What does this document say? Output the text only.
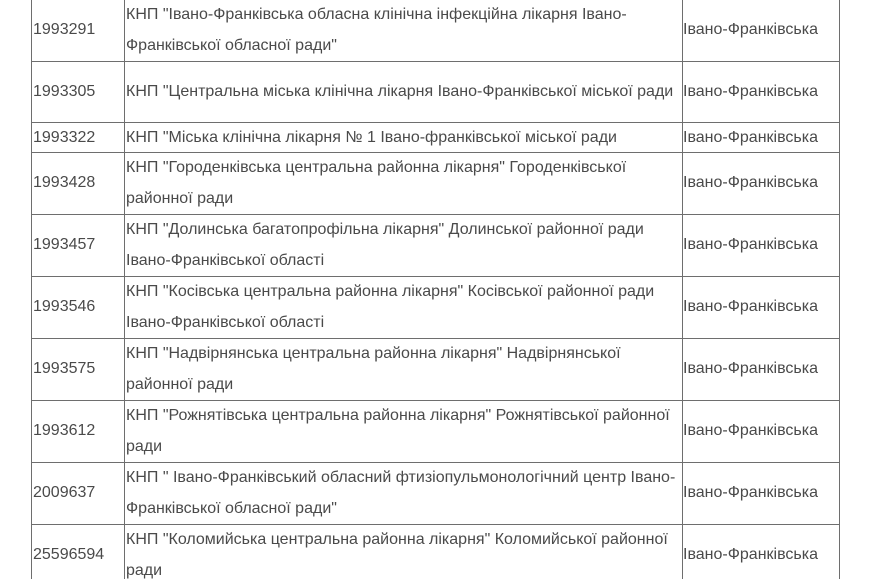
1993291	КНП "Івано-Франківська обласна клінічна інфекційна лікарня Івано-Франківської обласної ради"	Івано-Франківська
1993305	КНП "Центральна міська клінічна лікарня Івано-Франківської міської ради	Івано-Франківська
1993322	КНП "Міська клінічна лікарня № 1 Івано-франківської міської ради	Івано-Франківська
1993428	КНП "Городенківська центральна районна лікарня" Городенківської районної ради	Івано-Франківська
1993457	КНП "Долинська багатопрофільна лікарня" Долинської районної ради Івано-Франківської області	Івано-Франківська
1993546	КНП "Косівська центральна районна лікарня" Косівської районної ради Івано-Франківської області	Івано-Франківська
1993575	КНП "Надвірнянська центральна районна лікарня" Надвірнянської районної ради	Івано-Франківська
1993612	КНП "Рожнятівська центральна районна лікарня" Рожнятівської районної ради	Івано-Франківська
2009637	КНП " Івано-Франківський обласний фтизіопульмонологічний центр Івано-Франківської обласної ради"	Івано-Франківська
25596594	КНП "Коломийська центральна районна лікарня" Коломийської районної ради	Івано-Франківська
